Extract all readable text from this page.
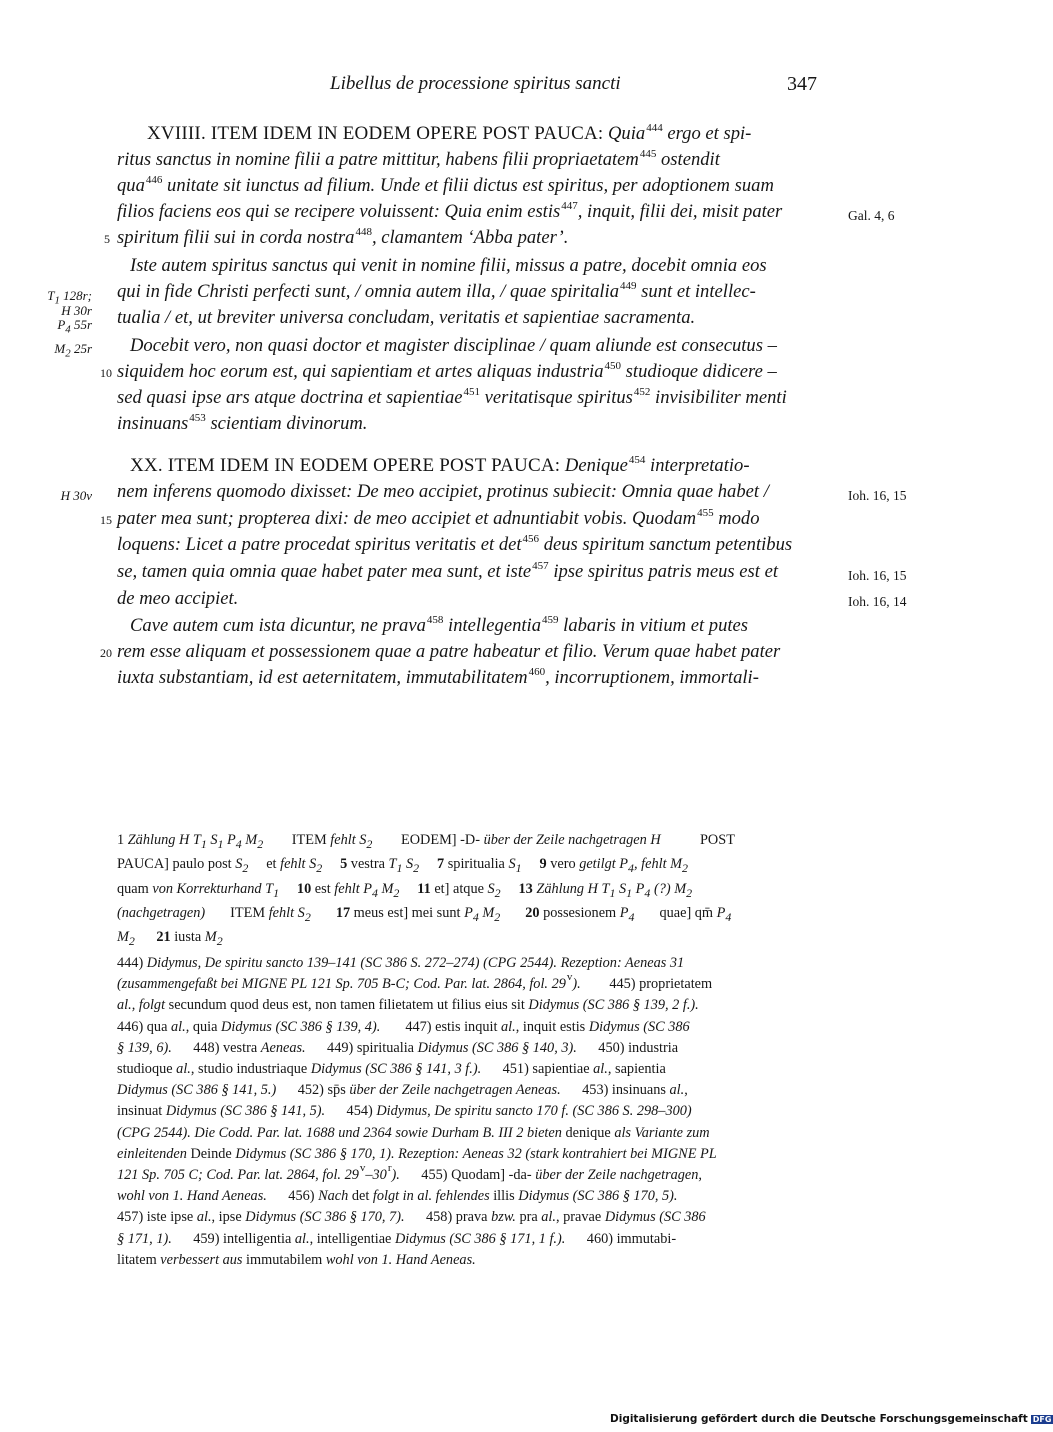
Libellus de processione spiritus sancti	347
XVIIII. ITEM IDEM IN EODEM OPERE POST PAUCA: Quia$^{444}$ ergo et spi-
ritus sanctus in nomine filii a patre mittitur, habens filii propriaetatem$^{445}$ ostendit
qua$^{446}$ unitate sit iunctus ad filium. Unde et filii dictus est spiritus, per adoptionem suam
filios faciens eos qui se recipere voluissent: Quia enim estis$^{447}$, inquit, filii dei, misit pater
spiritum filii sui in corda nostra$^{448}$, clamantem ‘Abba pater’.
5
Iste autem spiritus sanctus qui venit in nomine filii, missus a patre, docebit omnia eos
qui in fide Christi perfecti sunt, / omnia autem illa, / quae spiritalia$^{449}$ sunt et intellec-
tualia / et, ut breviter universa concludam, veritatis et sapientiae sacramenta.
Docebit vero, non quasi doctor et magister disciplinae / quam aliunde est consecutus –
siquidem hoc eorum est, qui sapientiam et artes aliquas industria$^{450}$ studioque didicere –
10
sed quasi ipse ars atque doctrina et sapientiae$^{451}$ veritatisque spiritus$^{452}$ invisibiliter menti
insinuans$^{453}$ scientiam divinorum.
XX. ITEM IDEM IN EODEM OPERE POST PAUCA: Denique$^{454}$ interpretatio-
nem inferens quomodo dixisset: De meo accipiet, protinus subiecit: Omnia quae habet /
pater mea sunt; propterea dixi: de meo accipiet et adnuntiabit vobis. Quodam$^{455}$ modo
15
loquens: Licet a patre procedat spiritus veritatis et $\det^{456}$ deus spiritum sanctum petentibus
se, tamen quia omnia quae habet pater mea sunt, et iste$^{457}$ ipse spiritus patris meus est et
de meo accipiet.
Cave autem cum ista dicuntur, ne prava$^{458}$ intellegentia$^{459}$ labaris in vitium et putes
rem esse aliquam et possessionem quae a patre habeatur et filio. Verum quae habet pater
20
iuxta substantiam, id est aeternitatem, immutabilitatem$^{460}$, incorruptionem, immortali-
$T_1$ 128r;
H 30r
$P_4$ 55r
$M_2$ 25r
H 30v
Gal. 4, 6
Ioh. 16, 15
Ioh. 16, 15
Ioh. 16, 14
1 Zählung H $T_1$ $S_1$ $P_4$ $M_2$        ITEM fehlt $S_2$        EODEM] -D- über der Zeile nachgetragen H           POST
PAUCA] paulo post $S_2$     et fehlt $S_2$ 5 vestra $T_1$ $S_2$ 7 spiritualia $S_1$ 9 vero getilgt $P_4$, fehlt $M_2$
quam von Korrekturhand $T_1$ 10 est fehlt $P_4$ $M_2$ 11 et] atque $S_2$ 13 Zählung H $T_1$ $S_1$ $P_4$ (?) $M_2$
(nachgetragen)       ITEM fehlt $S_2$ 17 meus est] mei sunt $P_4$ $M_2$ 20 possesionem $P_4$       quae] qm̄ $P_4$
$M_2$ 21 iusta $M_2$
444) Didymus, De spiritu sancto 139–141 (SC 386 S. 272–274) (CPG 2544). Rezeption: Aeneas 31
(zusammengefaßt bei MIGNE PL 121 Sp. 705 B-C; Cod. Par. lat. 2864, fol. 29$^v$).        445) proprietatem
al., folgt secundum quod deus est, non tamen filietatem ut filius eius sit Didymus (SC 386 § 139, 2 f.).
446) qua al., quia Didymus (SC 386 § 139, 4).       447) estis inquit al., inquit estis Didymus (SC 386
§ 139, 6).      448) vestra Aeneas.      449) spiritualia Didymus (SC 386 § 140, 3).      450) industria
studioque al., studio industriaque Didymus (SC 386 § 141, 3 f.).      451) sapientiae al., sapientia
Didymus (SC 386 § 141, 5.)      452) sp̄s über der Zeile nachgetragen Aeneas.      453) insinuans al.,
insinuat Didymus (SC 386 § 141, 5).      454) Didymus, De spiritu sancto 170 f. (SC 386 S. 298–300)
(CPG 2544). Die Codd. Par. lat. 1688 und 2364 sowie Durham B. III 2 bieten denique als Variante zum
einleitenden Deinde Didymus (SC 386 § 170, 1). Rezeption: Aeneas 32 (stark kontrahiert bei MIGNE PL
121 Sp. 705 C; Cod. Par. lat. 2864, fol. 29$^v$–30$^r$).      455) Quodam] -da- über der Zeile nachgetragen,
wohl von 1. Hand Aeneas.      456) Nach det folgt in al. fehlendes illis Didymus (SC 386 § 170, 5).
457) iste ipse al., ipse Didymus (SC 386 § 170, 7).      458) prava bzw. pra al., pravae Didymus (SC 386
§ 171, 1).      459) intelligentia al., intelligentiae Didymus (SC 386 § 171, 1 f.).      460) immutabi-
litatem verbessert aus immutabilem wohl von 1. Hand Aeneas.
Digitalisierung gefördert durch die Deutsche Forschungsgemeinschaft DFG
